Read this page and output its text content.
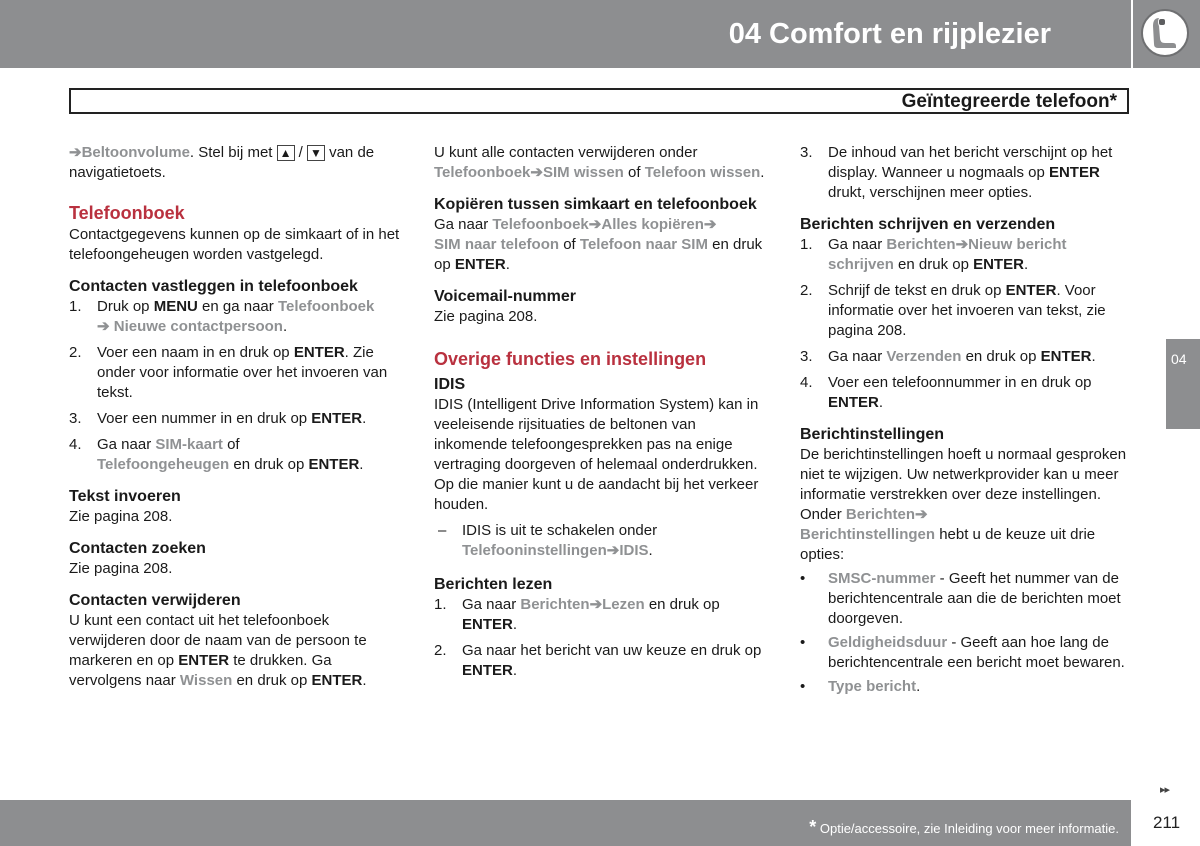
04 Comfort en rijplezier
Geïntegreerde telefoon*

➔Beltoonvolume. Stel bij met ▲ / ▼ van de navigatietoets.

Telefoonboek

Contactgegevens kunnen op de simkaart of in het telefoongeheugen worden vastgelegd.

Contacten vastleggen in telefoonboek
1. Druk op MENU en ga naar Telefoonboek
➔ Nieuwe contactpersoon.
2. Voer een naam in en druk op ENTER. Zie onder voor informatie over het invoeren van tekst.
3. Voer een nummer in en druk op ENTER.
4. Ga naar SIM-kaart of
Telefoongeheugen en druk op ENTER.
Tekst invoeren

Zie pagina 208.

Contacten zoeken

Zie pagina 208.

Contacten verwijderen

U kunt een contact uit het telefoonboek verwijderen door de naam van de persoon te markeren en op ENTER te drukken. Ga vervolgens naar Wissen en druk op ENTER.

U kunt alle contacten verwijderen onder Telefoonboek➔SIM wissen of Telefoon wissen.

Kopiëren tussen simkaart en telefoonboek

Ga naar Telefoonboek➔Alles kopiëren➔
SIM naar telefoon of Telefoon naar SIM en druk op ENTER.

Voicemail-nummer

Zie pagina 208.

Overige functies en instellingen
IDIS

IDIS (Intelligent Drive Information System) kan in veeleisende rijsituaties de beltonen van inkomende telefoongesprekken pas na enige vertraging doorgeven of helemaal onderdrukken. Op die manier kunt u de aandacht bij het verkeer houden.

– IDIS is uit te schakelen onder
Telefooninstellingen➔IDIS.
Berichten lezen
1. Ga naar Berichten➔Lezen en druk op
ENTER.
2. Ga naar het bericht van uw keuze en druk op ENTER.
3. De inhoud van het bericht verschijnt op het display. Wanneer u nogmaals op ENTER drukt, verschijnen meer opties.
Berichten schrijven en verzenden
1. Ga naar Berichten➔Nieuw bericht schrijven en druk op ENTER.
2. Schrijf de tekst en druk op ENTER. Voor informatie over het invoeren van tekst, zie pagina 208.
3. Ga naar Verzenden en druk op ENTER.
4. Voer een telefoonnummer in en druk op ENTER.
Berichtinstellingen

De berichtinstellingen hoeft u normaal gesproken niet te wijzigen. Uw netwerkprovider kan u meer informatie verstrekken over deze instellingen. Onder Berichten➔
Berichtinstellingen hebt u de keuze uit drie opties:

• SMSC-nummer - Geeft het nummer van de berichtencentrale aan die de berichten moet doorgeven.
• Geldigheidsduur - Geeft aan hoe lang de berichtencentrale een bericht moet bewaren.
• Type bericht.
04
▸▸
* Optie/accessoire, zie Inleiding voor meer informatie.	211
